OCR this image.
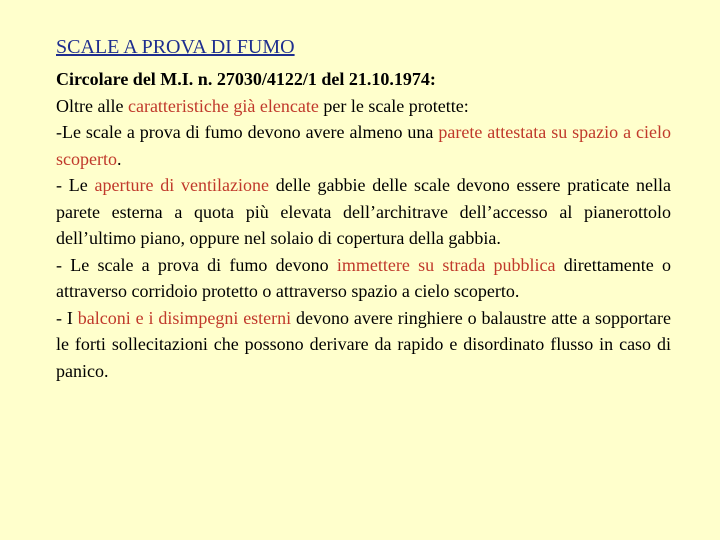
SCALE A PROVA DI FUMO
Circolare del M.I. n. 27030/4122/1 del 21.10.1974:
Oltre alle caratteristiche già elencate per le scale protette:
-Le scale a prova di fumo devono avere almeno una parete attestata su spazio a cielo scoperto.
- Le aperture di ventilazione delle gabbie delle scale devono essere praticate nella parete esterna a quota più elevata dell’architrave dell’accesso al pianerottolo dell’ultimo piano, oppure nel solaio di copertura della gabbia.
- Le scale a prova di fumo devono immettere su strada pubblica direttamente o attraverso corridoio protetto o attraverso spazio a cielo scoperto.
- I balconi e i disimpegni esterni devono avere ringhiere o balaustre atte a sopportare le forti sollecitazioni che possono derivare da rapido e disordinato flusso in caso di panico.
